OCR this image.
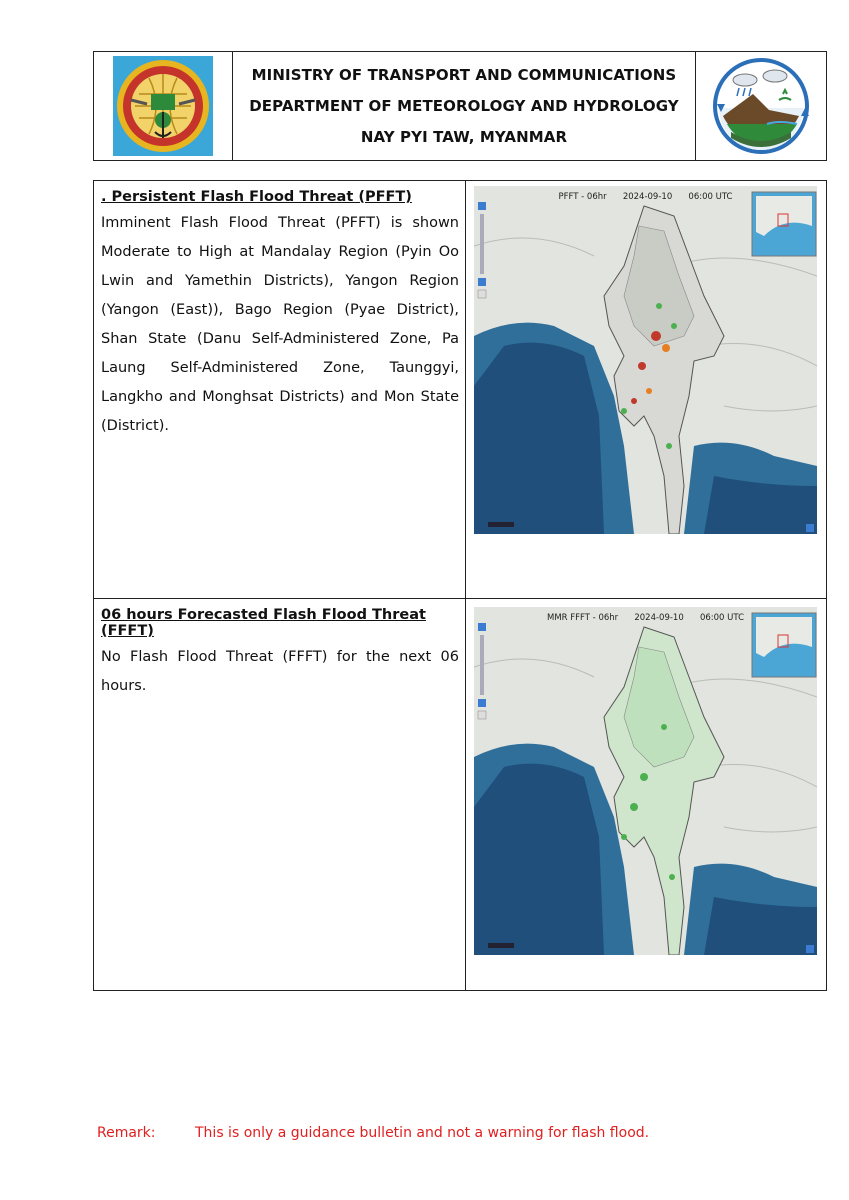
MINISTRY OF TRANSPORT AND COMMUNICATIONS
DEPARTMENT OF METEOROLOGY AND HYDROLOGY
NAY PYI TAW, MYANMAR
. Persistent Flash Flood Threat (PFFT)

Imminent Flash Flood Threat (PFFT) is shown Moderate to High at Mandalay Region (Pyin Oo Lwin and Yamethin Districts), Yangon Region (Yangon (East)), Bago Region (Pyae District), Shan State (Danu Self-Administered Zone, Pa Laung Self-Administered Zone, Taunggyi, Langkho and Monghsat Districts) and Mon State (District).

PFFT - 06hr      2024-09-10      06:00 UTC
06 hours Forecasted Flash Flood Threat (FFFT)

No Flash Flood Threat (FFFT) for the next 06 hours.

MMR FFFT - 06hr      2024-09-10      06:00 UTC
Remark:	This is only a guidance bulletin and not a warning for flash flood.
